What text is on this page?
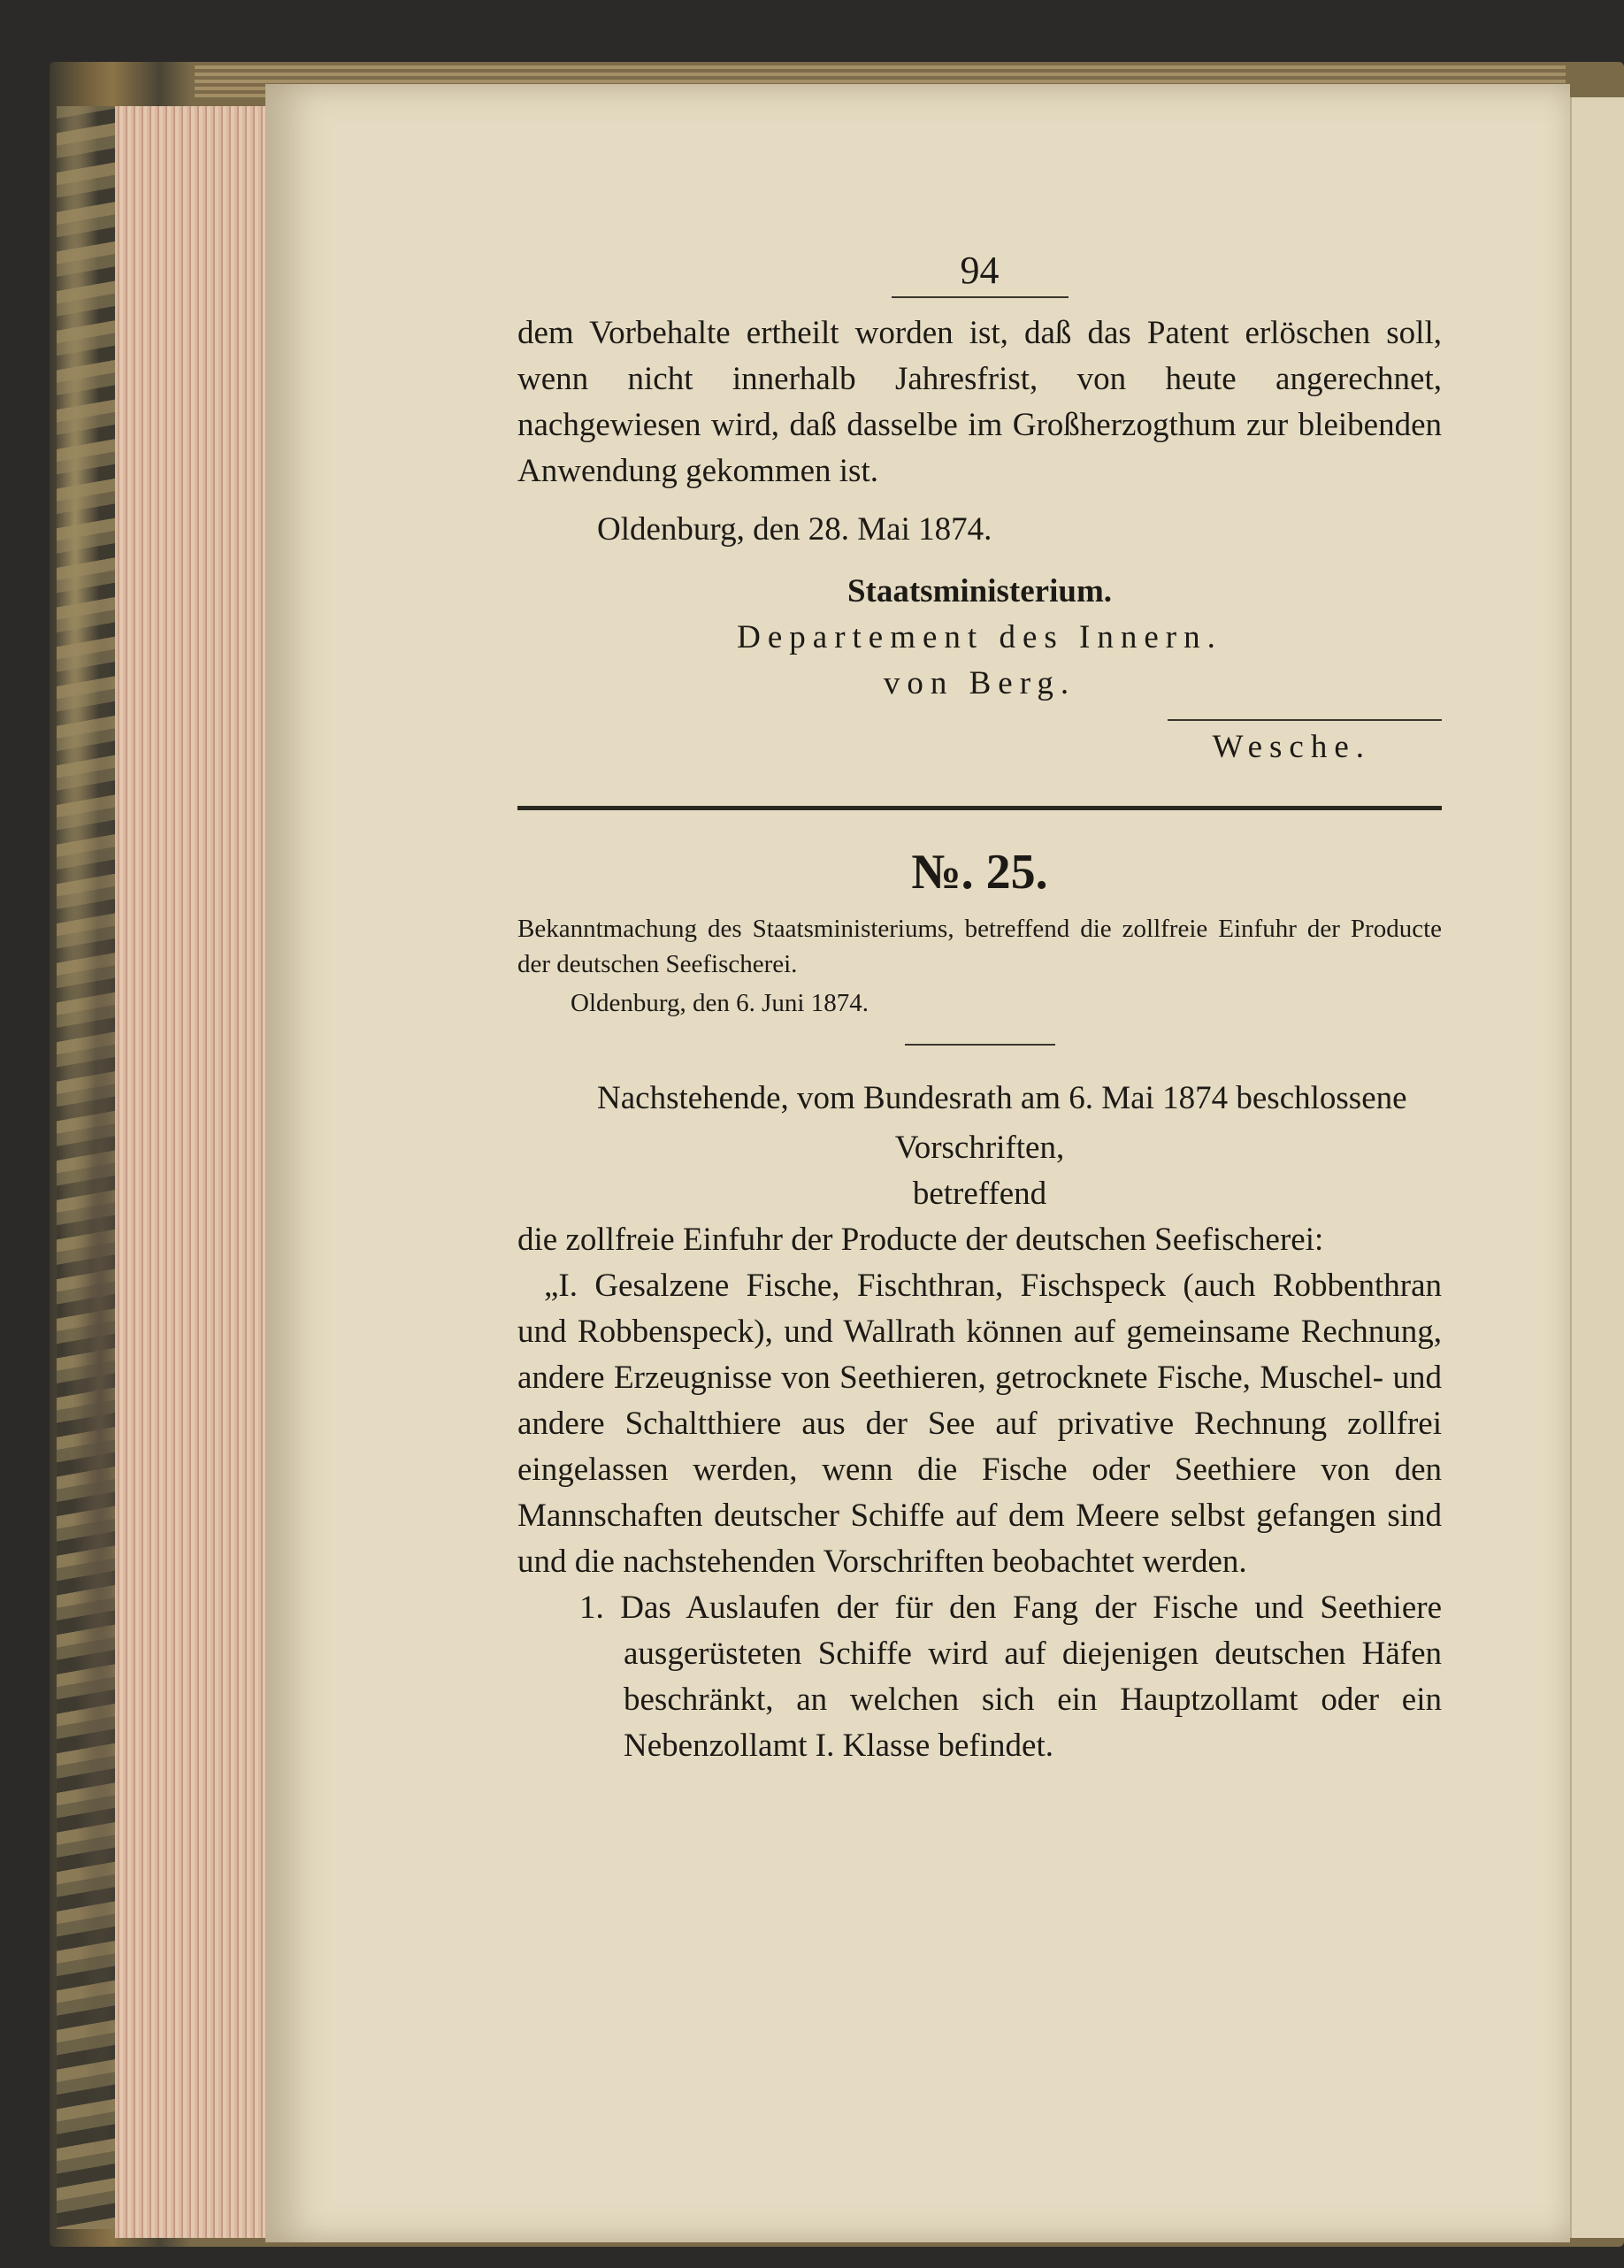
94

dem Vorbehalte ertheilt worden ist, daß das Patent erlöschen soll, wenn nicht innerhalb Jahresfrist, von heute angerechnet, nachgewiesen wird, daß dasselbe im Großherzogthum zur bleibenden Anwendung gekommen ist.

Oldenburg, den 28. Mai 1874.

Staatsministerium.

Departement des Innern.

von Berg.

Wesche.

№. 25.

Bekanntmachung des Staatsministeriums, betreffend die zollfreie Einfuhr der Producte der deutschen Seefischerei.

Oldenburg, den 6. Juni 1874.

Nachstehende, vom Bundesrath am 6. Mai 1874 beschlossene

Vorschriften,

betreffend

die zollfreie Einfuhr der Producte der deutschen Seefischerei:

„I. Gesalzene Fische, Fischthran, Fischspeck (auch Robbenthran und Robbenspeck), und Wallrath können auf gemeinsame Rechnung, andere Erzeugnisse von Seethieren, getrocknete Fische, Muschel- und andere Schaltthiere aus der See auf privative Rechnung zollfrei eingelassen werden, wenn die Fische oder Seethiere von den Mannschaften deutscher Schiffe auf dem Meere selbst gefangen sind und die nachstehenden Vorschriften beobachtet werden.

1. Das Auslaufen der für den Fang der Fische und Seethiere ausgerüsteten Schiffe wird auf diejenigen deutschen Häfen beschränkt, an welchen sich ein Hauptzollamt oder ein Nebenzollamt I. Klasse befindet.
